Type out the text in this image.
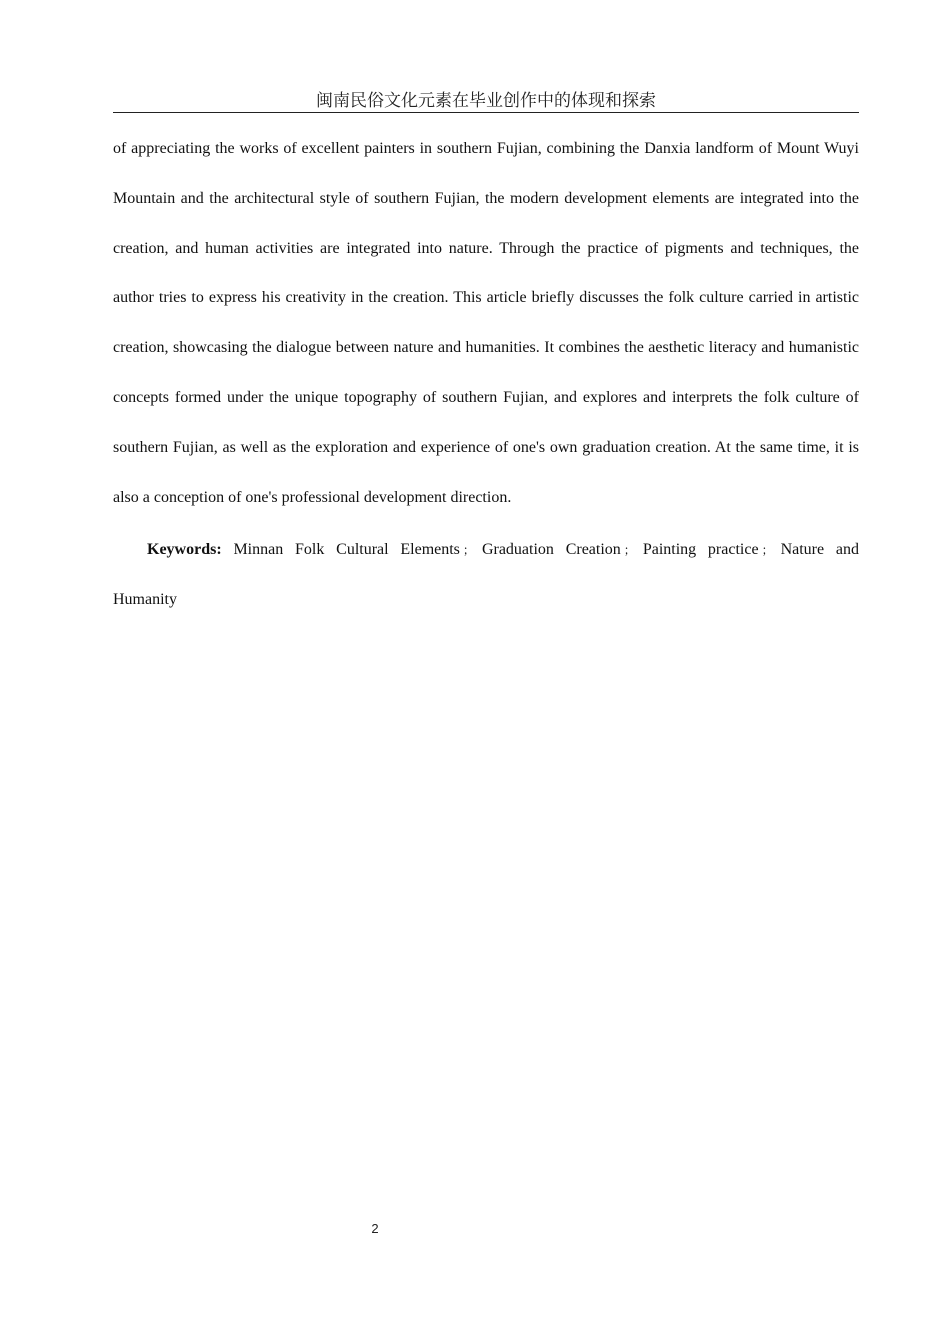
闽南民俗文化元素在毕业创作中的体现和探索

of appreciating the works of excellent painters in southern Fujian, combining the Danxia landform of Mount Wuyi Mountain and the architectural style of southern Fujian, the modern development elements are integrated into the creation, and human activities are integrated into nature. Through the practice of pigments and techniques, the author tries to express his creativity in the creation. This article briefly discusses the folk culture carried in artistic creation, showcasing the dialogue between nature and humanities. It combines the aesthetic literacy and humanistic concepts formed under the unique topography of southern Fujian, and explores and interprets the folk culture of southern Fujian, as well as the exploration and experience of one's own graduation creation. At the same time, it is also a conception of one's professional development direction.

Keywords: Minnan Folk Cultural Elements ； Graduation Creation ； Painting practice ； Nature and Humanity

2
